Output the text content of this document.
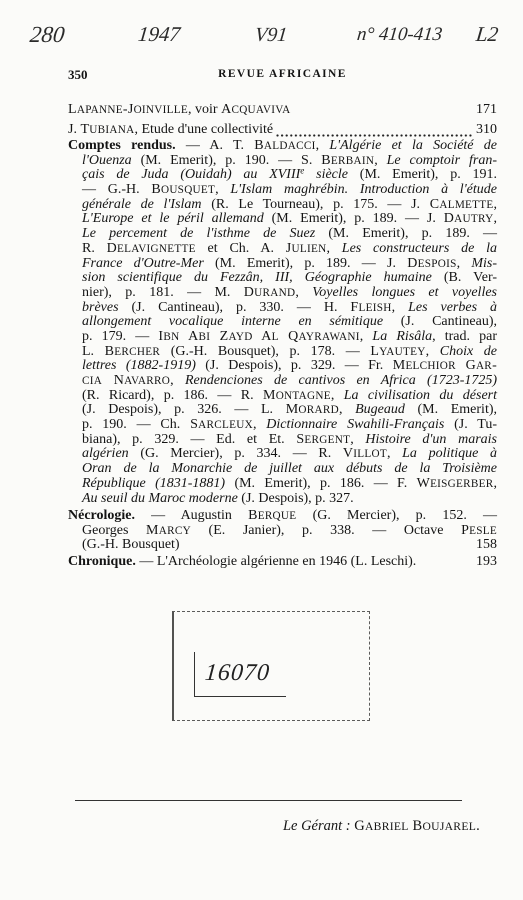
280	1947	V91	n° 410-413 L2
350	REVUE AFRICAINE
LAPANNE-JOINVILLE, voir ACQUAVIVA	171
J. TUBIANA, Etude d'une collectivité	310
Comptes rendus. — A. T. BALDACCI, L'Algérie et la Société de
l'Ouenza (M. Emerit), p. 190. — S. BERBAIN, Le comptoir fran-
çais de Juda (Ouidah) au XVIIIe siècle (M. Emerit), p. 191.
— G.-H. BOUSQUET, L'Islam maghrébin. Introduction à l'étude
générale de l'Islam (R. Le Tourneau), p. 175. — J. CALMETTE,
L'Europe et le péril allemand (M. Emerit), p. 189. — J. DAUTRY,
Le percement de l'isthme de Suez (M. Emerit), p. 189. —
R. DELAVIGNETTE et Ch. A. JULIEN, Les constructeurs de la
France d'Outre-Mer (M. Emerit), p. 189. — J. DESPOIS, Mis-
sion scientifique du Fezzân, III, Géographie humaine (B. Ver-
nier), p. 181. — M. DURAND, Voyelles longues et voyelles
brèves (J. Cantineau), p. 330. — H. FLEISH, Les verbes à
allongement vocalique interne en sémitique (J. Cantineau),
p. 179. — IBN ABI ZAYD AL QAYRAWANI, La Risâla, trad. par
L. BERCHER (G.-H. Bousquet), p. 178. — LYAUTEY, Choix de
lettres (1882-1919) (J. Despois), p. 329. — Fr. MELCHIOR GAR-
CIA NAVARRO, Rendenciones de cantivos en Africa (1723-1725)
(R. Ricard), p. 186. — R. MONTAGNE, La civilisation du désert
(J. Despois), p. 326. — L. MORARD, Bugeaud (M. Emerit),
p. 190. — Ch. SARCLEUX, Dictionnaire Swahili-Français (J. Tu-
biana), p. 329. — Ed. et Et. SERGENT, Histoire d'un marais
algérien (G. Mercier), p. 334. — R. VILLOT, La politique à
Oran de la Monarchie de juillet aux débuts de la Troisième
République (1831-1881) (M. Emerit), p. 186. — F. WEISGERBER,
Au seuil du Maroc moderne (J. Despois), p. 327.
Nécrologie. — Augustin BERQUE (G. Mercier), p. 152. —
Georges MARCY (E. Janier), p. 338. — Octave PESLE
(G.-H. Bousquet)	158
Chronique. — L'Archéologie algérienne en 1946 (L. Leschi).	193
16070
Le Gérant : GABRIEL BOUJAREL.
